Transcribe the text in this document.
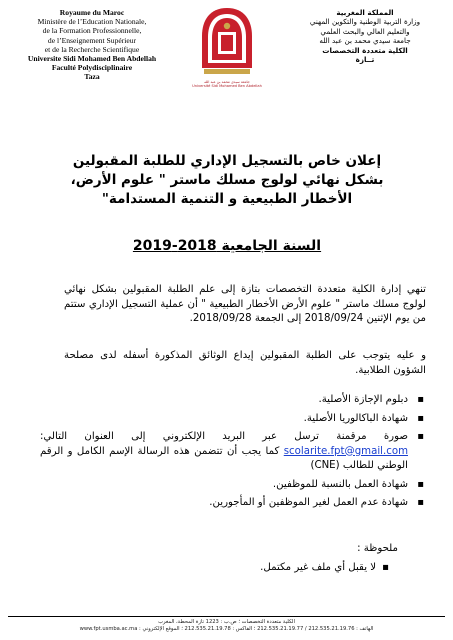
Royaume du Maroc
Ministère de l’Education Nationale,
de la Formation Professionnelle,
de l’Enseignement Supérieur
et de la Recherche Scientifique
Universite Sidi Mohamed Ben Abdellah
Faculté Polydisciplinaire
Taza
جامعة سيدي محمد بن عبد الله
Université Sidi Mohamed Ben Abdellah
المملكة المغربية
وزارة التربية الوطنية والتكوين المهني
والتعليم العالي والبحث العلمي
جامعة سيدي محمد بن عبد الله
الكلية متعددة التخصصات
تــازة
إعلان خاص بالتسجيل الإداري للطلبة المقبولين
بشكل نهائي لولوج مسلك ماستر " علوم الأرض،
الأخطار الطبيعية و التنمية المستدامة"
السنة الجامعية 2018-2019
تنهي إدارة الكلية متعددة التخصصات بتازة إلى علم الطلبة المقبولين بشكل نهائي لولوج مسلك ماستر " علوم الأرض الأخطار الطبيعية " أن عملية التسجيل الإداري ستتم من يوم الإثنين 2018/09/24 إلى الجمعة 2018/09/28.
و عليه يتوجب على الطلبة المقبولين إيداع الوثائق المذكورة أسفله لدى مصلحة الشؤون الطلابية.
▪ دبلوم الإجازة الأصلية.
▪ شهادة الباكالوريا الأصلية.
▪ صورة مرقمنة ترسل عبر البريد الإلكتروني إلى العنوان التالي: scolarite.fpt@gmail.com كما يجب أن تتضمن هذه الرسالة الإسم الكامل و الرقم الوطني للطالب (CNE)
▪ شهادة العمل بالنسبة للموظفين.
▪ شهادة عدم العمل لغير الموظفين أو المأجورين.
ملحوظة :
▪لا يقبل أي ملف غير مكتمل.
الكلية متعددة التخصصات ؛ ص.ب : 1223 تازة المحطة، المغرب
الهاتف : 212.535.21.19.76 / 212.535.21.19.77 ؛ الفاكس : 212.535.21.19.78 ؛ الموقع الإلكتروني : www.fpt.usmba.ac.ma
